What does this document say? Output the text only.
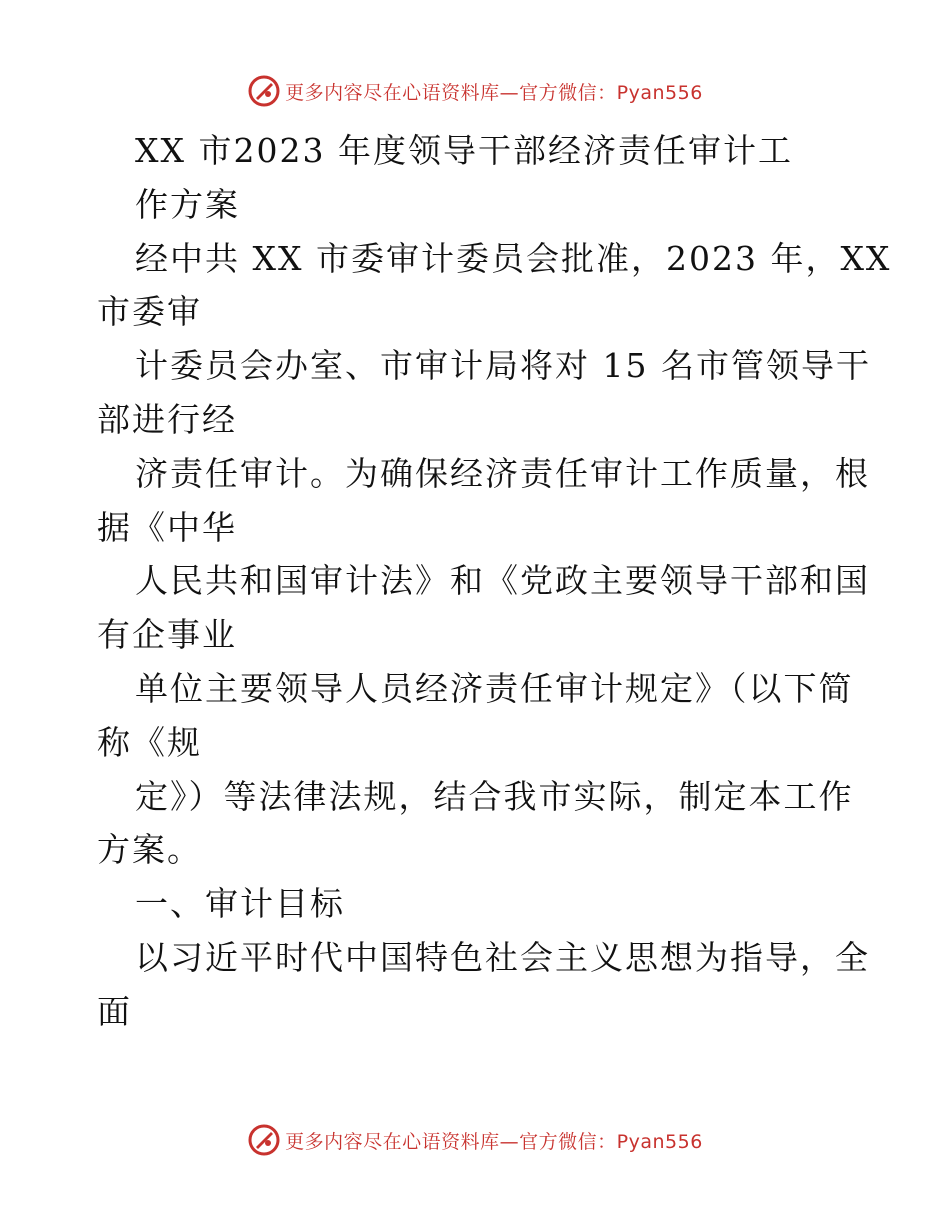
更多内容尽在心语资料库—官方微信：Pyan556
XX 市2023 年度领导干部经济责任审计工
作方案
经中共 XX 市委审计委员会批准，2023 年，XX
市委审
计委员会办室、市审计局将对 15 名市管领导干
部进行经
济责任审计。为确保经济责任审计工作质量，根
据《中华
人民共和国审计法》和《党政主要领导干部和国
有企事业
单位主要领导人员经济责任审计规定》（以下简
称《规
定》）等法律法规，结合我市实际，制定本工作
方案。
一、审计目标
以习近平时代中国特色社会主义思想为指导，全
面
更多内容尽在心语资料库—官方微信：Pyan556
